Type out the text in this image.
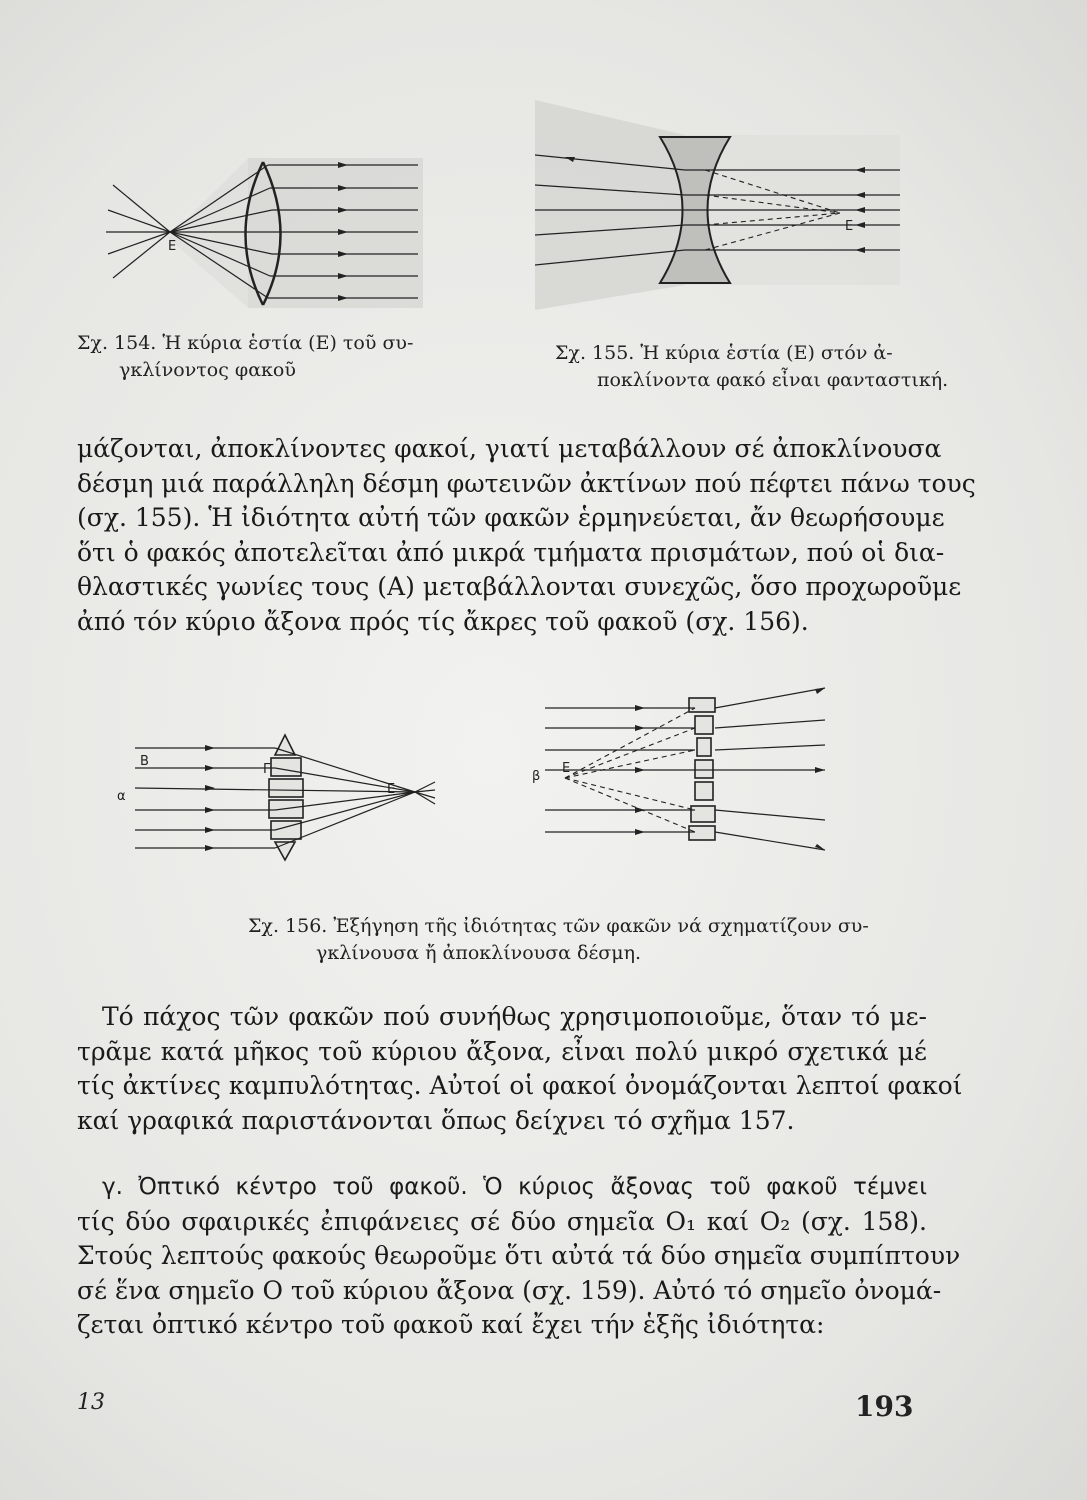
Ε
Σχ. 154. Ἡ κύρια ἑστία (Ε) τοῦ συ-
γκλίνοντος φακοῦ
Ε
Σχ. 155. Ἡ κύρια ἑστία (Ε) στόν ἀ-
ποκλίνοντα φακό εἶναι φανταστική.
μάζονται, ἀποκλίνοντες φακοί, γιατί μεταβάλλουν σέ ἀποκλίνουσα
δέσμη μιά παράλληλη δέσμη φωτεινῶν ἀκτίνων πού πέφτει πάνω τους
(σχ. 155). Ἡ ἰδιότητα αὐτή τῶν φακῶν ἑρμηνεύεται, ἄν θεωρήσουμε
ὅτι ὁ φακός ἀποτελεῖται ἀπό μικρά τμήματα πρισμάτων, πού οἱ δια-
θλαστικές γωνίες τους (Α) μεταβάλλονται συνεχῶς, ὅσο προχωροῦμε
ἀπό τόν κύριο ἄξονα πρός τίς ἄκρες τοῦ φακοῦ (σχ. 156).
Β
α
Γ
Ε
β
Ε
Σχ. 156. Ἐξήγηση τῆς ἰδιότητας τῶν φακῶν νά σχηματίζουν συ-
γκλίνουσα ἤ ἀποκλίνουσα δέσμη.
Τό πάχος τῶν φακῶν πού συνήθως χρησιμοποιοῦμε, ὅταν τό με-
τρᾶμε κατά μῆκος τοῦ κύριου ἄξονα, εἶναι πολύ μικρό σχετικά μέ
τίς ἀκτίνες καμπυλότητας. Αὐτοί οἱ φακοί ὀνομάζονται λεπτοί φακοί
καί γραφικά παριστάνονται ὅπως δείχνει τό σχῆμα 157.
γ. Ὀπτικό κέντρο τοῦ φακοῦ. Ὁ κύριος ἄξονας τοῦ φακοῦ τέμνει
τίς δύο σφαιρικές ἐπιφάνειες σέ δύο σημεῖα Ο₁ καί Ο₂ (σχ. 158).
Στούς λεπτούς φακούς θεωροῦμε ὅτι αὐτά τά δύο σημεῖα συμπίπτουν
σέ ἕνα σημεῖο Ο τοῦ κύριου ἄξονα (σχ. 159). Αὐτό τό σημεῖο ὀνομά-
ζεται ὀπτικό κέντρο τοῦ φακοῦ καί ἔχει τήν ἑξῆς ἰδιότητα:
13	193
